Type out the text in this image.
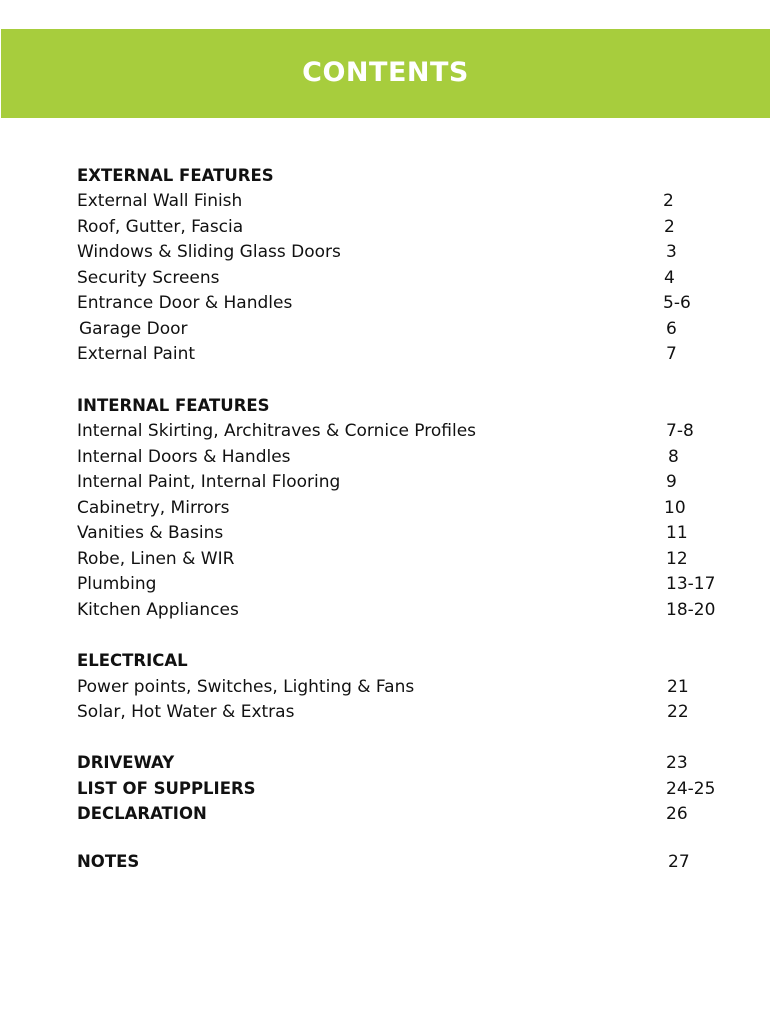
CONTENTS
EXTERNAL FEATURES
External Wall Finish	2
Roof, Gutter, Fascia	2
Windows & Sliding Glass Doors	3
Security Screens	4
Entrance Door & Handles	5-6
Garage Door	6
External Paint	7
INTERNAL FEATURES
Internal Skirting, Architraves & Cornice Profiles	7-8
Internal Doors & Handles	8
Internal Paint, Internal Flooring	9
Cabinetry, Mirrors	10
Vanities & Basins	11
Robe, Linen & WIR	12
Plumbing	13-17
Kitchen Appliances	18-20
ELECTRICAL
Power points, Switches, Lighting & Fans	21
Solar, Hot Water & Extras	22
DRIVEWAY	23
LIST OF SUPPLIERS	24-25
DECLARATION	26
NOTES	27
